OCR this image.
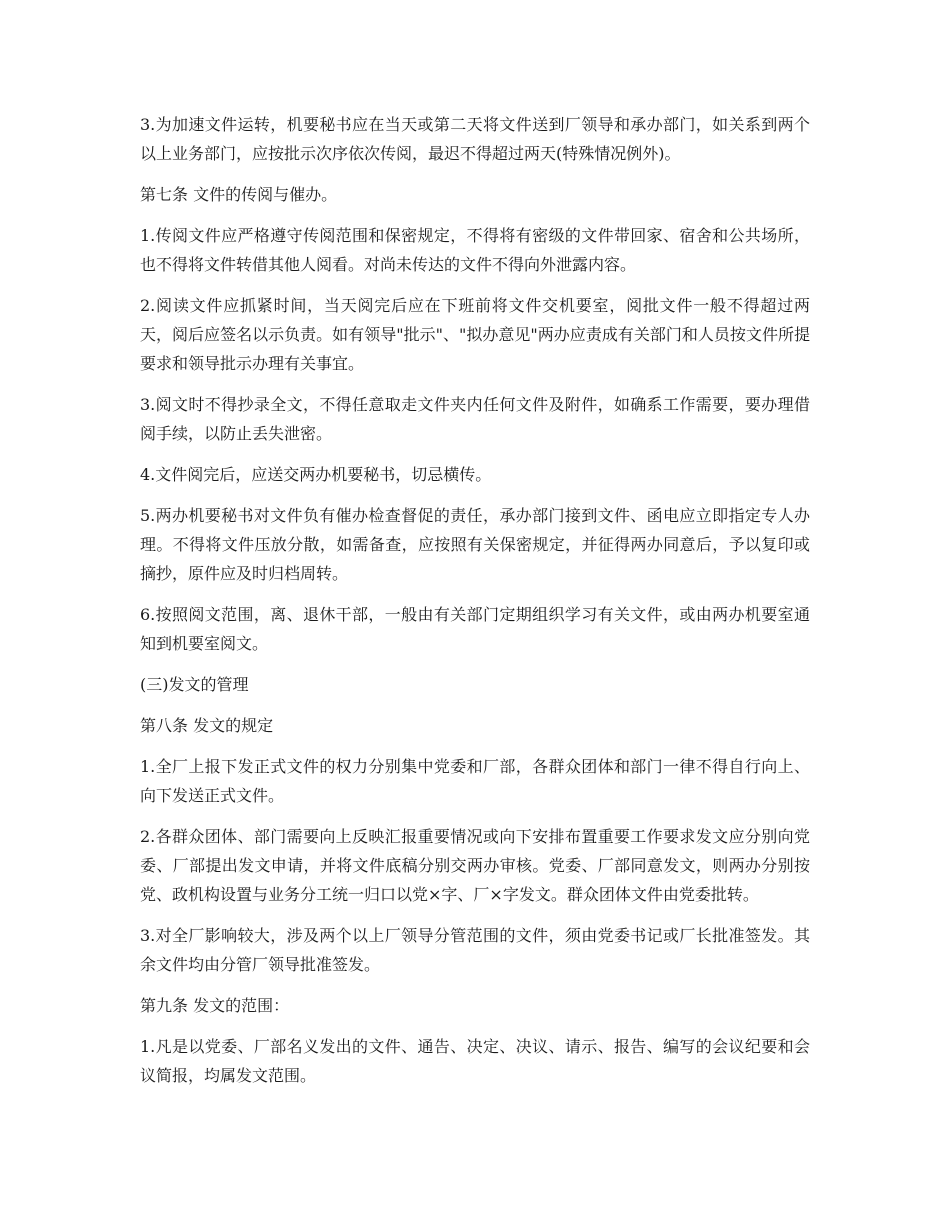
3.为加速文件运转，机要秘书应在当天或第二天将文件送到厂领导和承办部门，如关系到两个以上业务部门，应按批示次序依次传阅，最迟不得超过两天(特殊情况例外)。

第七条 文件的传阅与催办。

1.传阅文件应严格遵守传阅范围和保密规定，不得将有密级的文件带回家、宿舍和公共场所，也不得将文件转借其他人阅看。对尚未传达的文件不得向外泄露内容。

2.阅读文件应抓紧时间，当天阅完后应在下班前将文件交机要室，阅批文件一般不得超过两天，阅后应签名以示负责。如有领导"批示"、"拟办意见"两办应责成有关部门和人员按文件所提要求和领导批示办理有关事宜。

3.阅文时不得抄录全文，不得任意取走文件夹内任何文件及附件，如确系工作需要，要办理借阅手续，以防止丢失泄密。

4.文件阅完后，应送交两办机要秘书，切忌横传。

5.两办机要秘书对文件负有催办检查督促的责任，承办部门接到文件、函电应立即指定专人办理。不得将文件压放分散，如需备查，应按照有关保密规定，并征得两办同意后，予以复印或摘抄，原件应及时归档周转。

6.按照阅文范围，离、退休干部，一般由有关部门定期组织学习有关文件，或由两办机要室通知到机要室阅文。

(三)发文的管理

第八条 发文的规定

1.全厂上报下发正式文件的权力分别集中党委和厂部，各群众团体和部门一律不得自行向上、向下发送正式文件。

2.各群众团体、部门需要向上反映汇报重要情况或向下安排布置重要工作要求发文应分别向党委、厂部提出发文申请，并将文件底稿分别交两办审核。党委、厂部同意发文，则两办分别按党、政机构设置与业务分工统一归口以党×字、厂×字发文。群众团体文件由党委批转。

3.对全厂影响较大，涉及两个以上厂领导分管范围的文件，须由党委书记或厂长批准签发。其余文件均由分管厂领导批准签发。

第九条 发文的范围：

1.凡是以党委、厂部名义发出的文件、通告、决定、决议、请示、报告、编写的会议纪要和会议简报，均属发文范围。
